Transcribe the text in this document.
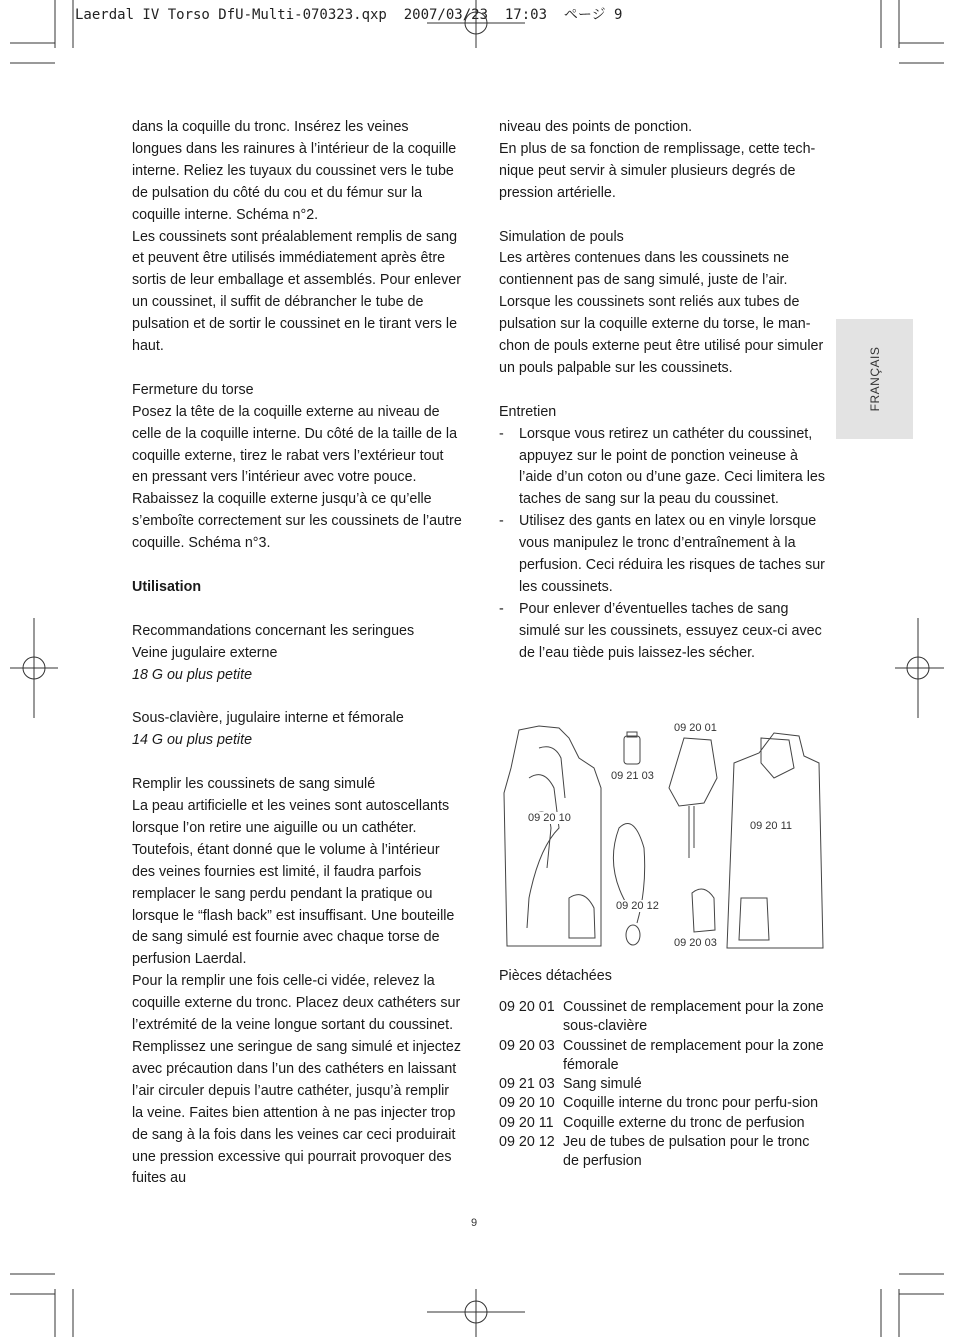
Laerdal IV Torso DfU-Multi-070323.qxp  2007/03/23  17:03  ページ 9
FRANÇAIS

dans la coquille du tronc. Insérez les veines longues dans les rainures à l’intérieur de la coquille interne. Reliez les tuyaux du coussinet vers le tube de pulsation du côté du cou et du fémur sur la coquille interne. Schéma n°2.

Les coussinets sont préalablement remplis de sang et peuvent être utilisés immédiatement après être sortis de leur emballage et assemblés. Pour enlever un coussinet, il suffit de débrancher le tube de pulsation et de sortir le coussinet en le tirant vers le haut.

Fermeture du torse

Posez la tête de la coquille externe au niveau de celle de la coquille interne. Du côté de la taille de la coquille externe, tirez le rabat vers l’extérieur tout en pressant vers l’intérieur avec votre pouce. Rabaissez la coquille externe jusqu’à ce qu’elle s’emboîte correctement sur les coussinets de l’autre coquille. Schéma n°3.

Utilisation

Recommandations concernant les seringues

Veine jugulaire externe

18 G ou plus petite

Sous-clavière, jugulaire interne et fémorale

14 G ou plus petite

Remplir les coussinets de sang simulé

La peau artificielle et les veines sont autoscellants lorsque l’on retire une aiguille ou un cathéter. Toutefois, étant donné que le volume à l’intérieur des veines fournies est limité, il faudra parfois remplacer le sang perdu pendant la pratique ou lorsque le “flash back” est insuffisant. Une bouteille de sang simulé est fournie avec chaque torse de perfusion Laerdal.

Pour la remplir une fois celle-ci vidée, relevez la coquille externe du tronc. Placez deux cathéters sur l’extrémité de la veine longue sortant du coussinet. Remplissez une seringue de sang simulé et injectez avec précaution dans l’un des cathéters en laissant l’air circuler depuis l’autre cathéter, jusqu’à remplir la veine. Faites bien attention à ne pas injecter trop de sang à la fois dans les veines car ceci produirait une pression excessive qui pourrait provoquer des fuites au

niveau des points de ponction.

En plus de sa fonction de remplissage, cette tech-nique peut servir à simuler plusieurs degrés de pression artérielle.

Simulation de pouls

Les artères contenues dans les coussinets ne contiennent pas de sang simulé, juste de l’air. Lorsque les coussinets sont reliés aux tubes de pulsation sur la coquille externe du torse, le man-chon de pouls externe peut être utilisé pour simuler un pouls palpable sur les coussinets.

Entretien

- Lorsque vous retirez un cathéter du coussinet, appuyez sur le point de ponction veineuse à l’aide d’un coton ou d’une gaze. Ceci limitera les taches de sang sur la peau du coussinet.
- Utilisez des gants en latex ou en vinyle lorsque vous manipulez le tronc d’entraînement à la perfusion. Ceci réduira les risques de taches sur les coussinets.
- Pour enlever d’éventuelles taches de sang simulé sur les coussinets, essuyez ceux-ci avec de l’eau tiède puis laissez-les sécher.
09 20 01
09 21 03
09 20 10
09 20 11
09 20 12
09 20 03
Pièces détachées
09 20 01 Coussinet de remplacement pour la zone sous-clavière
09 20 03 Coussinet de remplacement pour la zone fémorale
09 21 03 Sang simulé
09 20 10 Coquille interne du tronc pour perfu-sion
09 20 11 Coquille externe du tronc de perfusion
09 20 12 Jeu de tubes de pulsation pour le tronc de perfusion
9
